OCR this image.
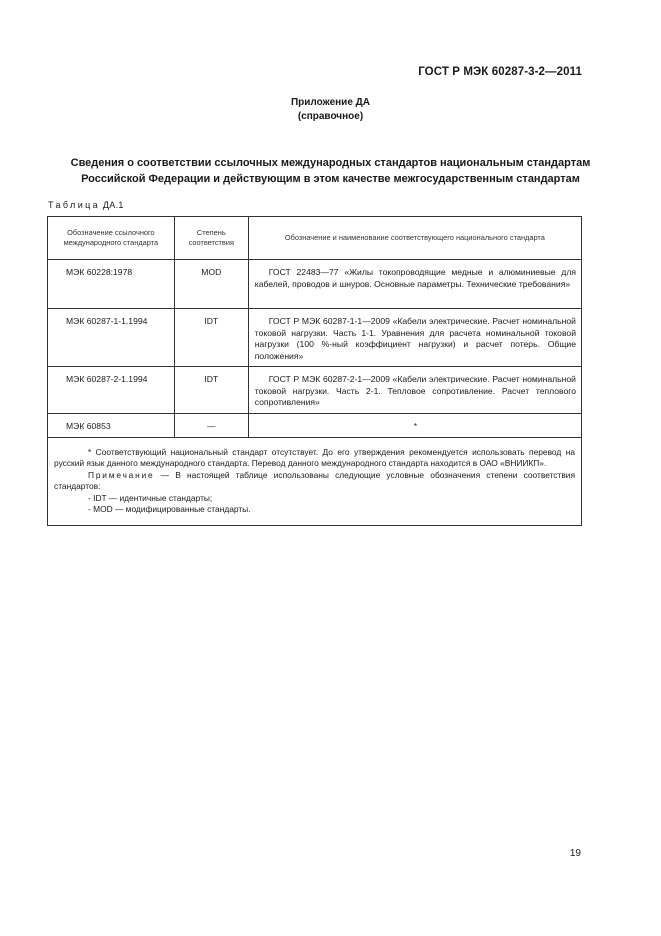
ГОСТ Р МЭК 60287-3-2—2011
Приложение ДА
(справочное)
Сведения о соответствии ссылочных международных стандартов национальным стандартам
Российской Федерации и действующим в этом качестве межгосударственным стандартам
Таблица ДА.1
Обозначение ссылочного международного стандарта	Степень соответствия	Обозначение и наименование соответствующего национального стандарта
МЭК 60228:1978	MOD	ГОСТ 22483—77 «Жилы токопроводящие медные и алюминиевые для кабелей, проводов и шнуров. Основные параметры. Технические требования»

МЭК 60287-1-1.1994	IDT	ГОСТ Р МЭК 60287-1-1—2009 «Кабели электрические. Расчет номинальной токовой нагрузки. Часть 1-1. Уравнения для расчета номинальной токовой нагрузки (100 %-ный коэффициент нагрузки) и расчет потерь. Общие положения»

МЭК 60287-2-1.1994	IDT	ГОСТ Р МЭК 60287-2-1—2009 «Кабели электрические. Расчет номинальной токовой нагрузки. Часть 2-1. Тепловое сопротивление. Расчет теплового сопротивления»

МЭК 60853	—	*

* Соответствующий национальный стандарт отсутствует. До его утверждения рекомендуется использовать перевод на русский язык данного международного стандарта. Перевод данного международного стандарта находится в ОАО «ВНИИКП».

Примечание — В настоящей таблице использованы следующие условные обозначения степени соответствия стандартов:

- IDT — идентичные стандарты;

- MOD — модифицированные стандарты.		

19
